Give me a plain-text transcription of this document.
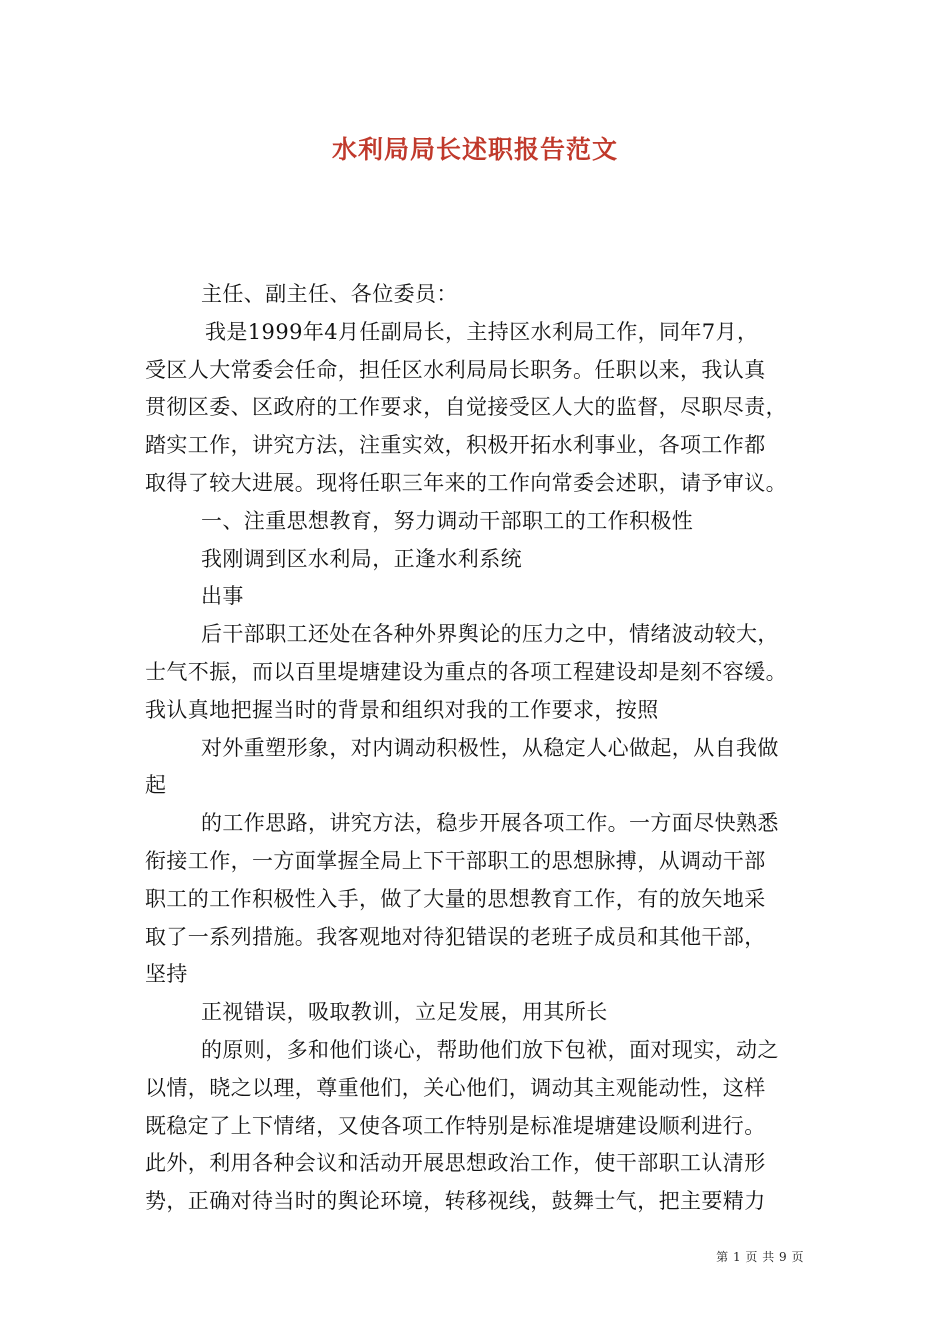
水利局局长述职报告范文
主任、副主任、各位委员：
我是1999年4月任副局长，主持区水利局工作，同年7月，
受区人大常委会任命，担任区水利局局长职务。任职以来，我认真
贯彻区委、区政府的工作要求，自觉接受区人大的监督，尽职尽责，
踏实工作，讲究方法，注重实效，积极开拓水利事业，各项工作都
取得了较大进展。现将任职三年来的工作向常委会述职，请予审议。
一、注重思想教育，努力调动干部职工的工作积极性
我刚调到区水利局，正逢水利系统
出事
后干部职工还处在各种外界舆论的压力之中，情绪波动较大，
士气不振，而以百里堤塘建设为重点的各项工程建设却是刻不容缓。
我认真地把握当时的背景和组织对我的工作要求，按照
对外重塑形象，对内调动积极性，从稳定人心做起，从自我做
起
的工作思路，讲究方法，稳步开展各项工作。一方面尽快熟悉
衔接工作，一方面掌握全局上下干部职工的思想脉搏，从调动干部
职工的工作积极性入手，做了大量的思想教育工作，有的放矢地采
取了一系列措施。我客观地对待犯错误的老班子成员和其他干部，
坚持
正视错误，吸取教训，立足发展，用其所长
的原则，多和他们谈心，帮助他们放下包袱，面对现实，动之
以情，晓之以理，尊重他们，关心他们，调动其主观能动性，这样
既稳定了上下情绪，又使各项工作特别是标准堤塘建设顺利进行。
此外，利用各种会议和活动开展思想政治工作，使干部职工认清形
势，正确对待当时的舆论环境，转移视线，鼓舞士气，把主要精力
第 1 页 共 9 页
